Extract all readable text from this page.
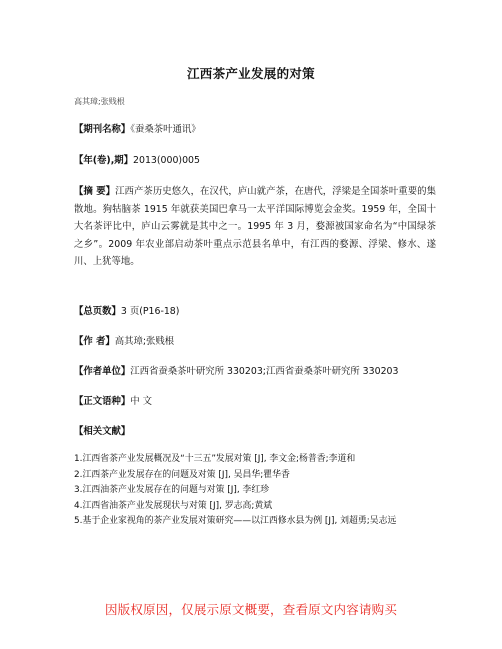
江西茶产业发展的对策
高其璋;张贱根
【期刊名称】《蚕桑茶叶通讯》
【年(卷),期】2013(000)005
【摘 要】江西产茶历史悠久，在汉代，庐山就产茶，在唐代，浮梁是全国茶叶重要的集散地。狗牯脑茶 1915 年就获美国巴拿马一太平洋国际博览会金奖。1959 年，全国十大名茶评比中，庐山云雾就是其中之一。1995 年 3 月，婺源被国家命名为“中国绿茶之乡”。2009 年农业部启动茶叶重点示范县名单中，有江西的婺源、浮梁、修水、遂川、上犹等地。
【总页数】3 页(P16-18)
【作 者】高其璋;张贱根
【作者单位】江西省蚕桑茶叶研究所 330203;江西省蚕桑茶叶研究所 330203
【正文语种】中 文
【相关文献】
1.江西省茶产业发展概况及“十三五”发展对策 [J], 李文金;杨普香;李道和
2.江西茶产业发展存在的问题及对策 [J], 吴昌华;瞿华香
3.江西油茶产业发展存在的问题与对策 [J], 李红珍
4.江西省油茶产业发展现状与对策 [J], 罗志高;黄斌
5.基于企业家视角的茶产业发展对策研究——以江西修水县为例 [J], 刘超勇;吴志远
因版权原因，仅展示原文概要，查看原文内容请购买
